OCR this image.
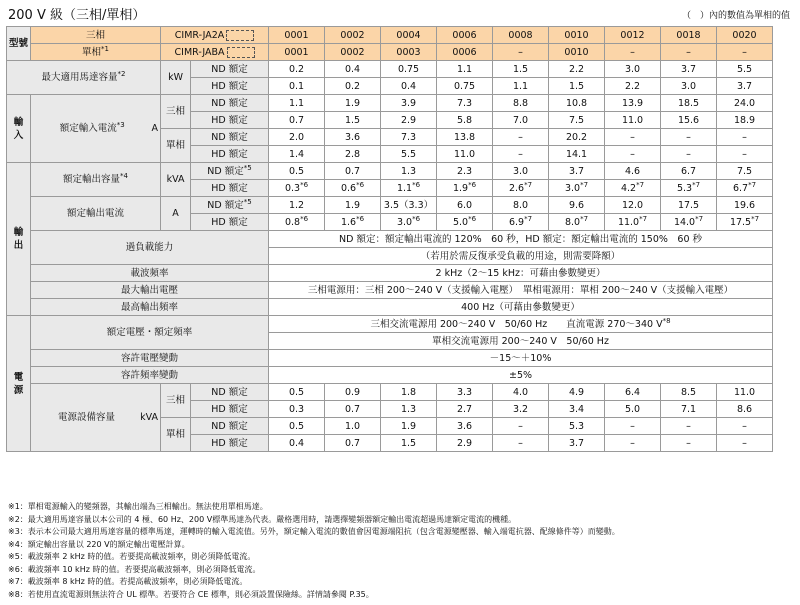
200 V 級（三相/單相）	（　）內的數值為單相的值
型號	三相	CIMR-JA2A		0001	0002	0004	0006	0008	0010	0012	0018	0020
	單相$^{*1}$	CIMR-JABA		0001	0002	0003	0006	–	0010	–	–	–
最大適用馬達容量$^{*2}$		kW	ND 額定	0.2	0.4	0.75	1.1	1.5	2.2	3.0	3.7	5.5
			HD 額定	0.1	0.2	0.4	0.75	1.1	1.5	2.2	3.0	3.7
輸
入	額定輸入電流$^{*3}$ A	三相	ND 額定	1.1	1.9	3.9	7.3	8.8	10.8	13.9	18.5	24.0
			HD 額定	0.7	1.5	2.9	5.8	7.0	7.5	11.0	15.6	18.9
		單相	ND 額定	2.0	3.6	7.3	13.8	–	20.2	–	–	–
			HD 額定	1.4	2.8	5.5	11.0	–	14.1	–	–	–
輸
出	額定輸出容量$^{*4}$	kVA	ND 額定$^{*5}$	0.5	0.7	1.3	2.3	3.0	3.7	4.6	6.7	7.5
			HD 額定	0.3$^{*6}$	0.6$^{*6}$	1.1$^{*6}$	1.9$^{*6}$	2.6$^{*7}$	3.0$^{*7}$	4.2$^{*7}$	5.3$^{*7}$	6.7$^{*7}$
	額定輸出電流	A	ND 額定$^{*5}$	1.2	1.9	3.5（3.3）	6.0	8.0	9.6	12.0	17.5	19.6
			HD 額定	0.8$^{*6}$	1.6$^{*6}$	3.0$^{*6}$	5.0$^{*6}$	6.9$^{*7}$	8.0$^{*7}$	11.0$^{*7}$	14.0$^{*7}$	17.5$^{*7}$
	過負載能力			ND 額定：額定輸出電流的 120%　60 秒，HD 額定：額定輸出電流的 150%　60 秒								
				（若用於需反復承受負載的用途，則需要降額）								
	載波頻率			2 kHz（2～15 kHz：可藉由參數變更）								
	最大輸出電壓			三相電源用：三相 200～240 V（支援輸入電壓）　單相電源用：單相 200～240 V（支援輸入電壓）								
	最高輸出頻率			400 Hz（可藉由參數變更）								
電
源	額定電壓・額定頻率			三相交流電源用 200～240 V　50/60 Hz　　直流電源 270～340 $V^{*8}$
				單相交流電源用 200～240 V　50/60 Hz								
	容許電壓變動			－15～＋10%								
	容許頻率變動			±5%								
	電源設備容量 kVA	三相	ND 額定	0.5	0.9	1.8	3.3	4.0	4.9	6.4	8.5	11.0
			HD 額定	0.3	0.7	1.3	2.7	3.2	3.4	5.0	7.1	8.6
		單相	ND 額定	0.5	1.0	1.9	3.6	–	5.3	–	–	–
			HD 額定	0.4	0.7	1.5	2.9	–	3.7	–	–	–
※1：單相電源輸入的變頻器，其輸出端為三相輸出。無法使用單相馬達。
※2：最大適用馬達容量以本公司的 4 極、60 Hz、200 V標準馬達為代表。嚴格選用時，請選擇變頻器額定輸出電流超過馬達額定電流的機種。
※3：表示本公司最大適用馬達容量的標準馬達，運轉時的輸入電流值。另外，額定輸入電流的數值會因電源端阻抗（包含電源變壓器、輸入端電抗器、配線條件等）而變動。
※4：額定輸出容量以 220 V的額定輸出電壓計算。
※5：載波頻率 2 kHz 時的值。若要提高載波頻率，則必須降低電流。
※6：載波頻率 10 kHz 時的值。若要提高載波頻率，則必須降低電流。
※7：載波頻率 8 kHz 時的值。若提高載波頻率，則必須降低電流。
※8：若使用直流電源則無法符合 UL 標準。若要符合 CE 標準，則必須設置保險絲。詳情請參閱 P.35。
